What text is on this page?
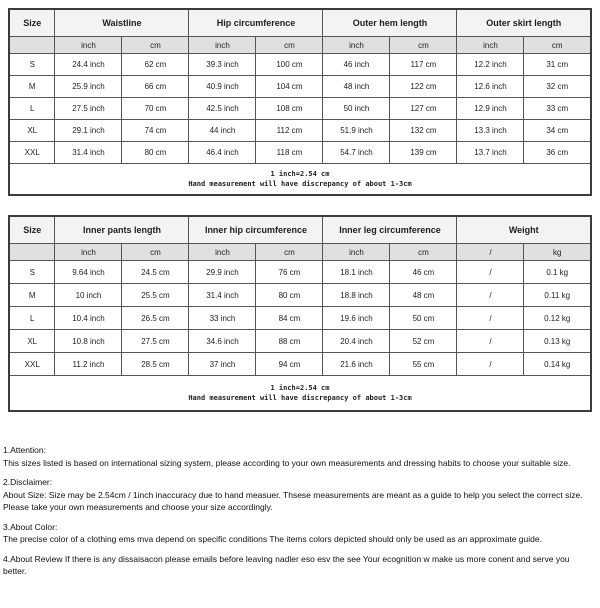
Size	Waistline		Hip circumference		Outer hem length		Outer skirt length	
	inch	cm	inch	cm	inch	cm	inch	cm
S	24.4 inch	62 cm	39.3 inch	100 cm	46 inch	117 cm	12.2 inch	31 cm
M	25.9 inch	66 cm	40.9 inch	104 cm	48 inch	122 cm	12.6 inch	32 cm
L	27.5 inch	70 cm	42.5 inch	108 cm	50 inch	127 cm	12.9 inch	33 cm
XL	29.1 inch	74 cm	44 inch	112 cm	51.9 inch	132 cm	13.3 inch	34 cm
XXL	31.4 inch	80 cm	46.4 inch	118 cm	54.7 inch	139 cm	13.7 inch	36 cm

1 inch=2.54 cm
Hand measurement will have discrepancy of about 1-3cm								
Size	Inner pants length		Inner hip circumference		Inner leg circumference		Weight	
	inch	cm	inch	cm	inch	cm	/	kg
S	9.64 inch	24.5 cm	29.9 inch	76 cm	18.1 inch	46 cm	/	0.1 kg
M	10 inch	25.5 cm	31.4 inch	80 cm	18.8 inch	48 cm	/	0.11 kg
L	10.4 inch	26.5 cm	33 inch	84 cm	19.6 inch	50 cm	/	0.12 kg
XL	10.8 inch	27.5 cm	34.6 inch	88 cm	20.4 inch	52 cm	/	0.13 kg
XXL	11.2 inch	28.5 cm	37 inch	94 cm	21.6 inch	55 cm	/	0.14 kg

1 inch=2.54 cm
Hand measurement will have discrepancy of about 1-3cm								

1.Attention:
This sizes listed is based on international sizing system, please according to your own measurements and dressing habits to choose your suitable size.

2.Disclaimer:
About Size: Size may be 2.54cm / 1inch inaccuracy due to hand measuer. Thsese measurements are meant as a guide to help you select the correct size. Please take your own measurements and choose your size accordingly.

3.About Color:
The precise color of a clothing ems mva depend on specific conditions The items colors depicted should only be used as an approximate guide.

4.About Review If there is any dissaisacon please emails before leaving nadler eso esv the see Your ecognition w make us more conent and serve you better.
